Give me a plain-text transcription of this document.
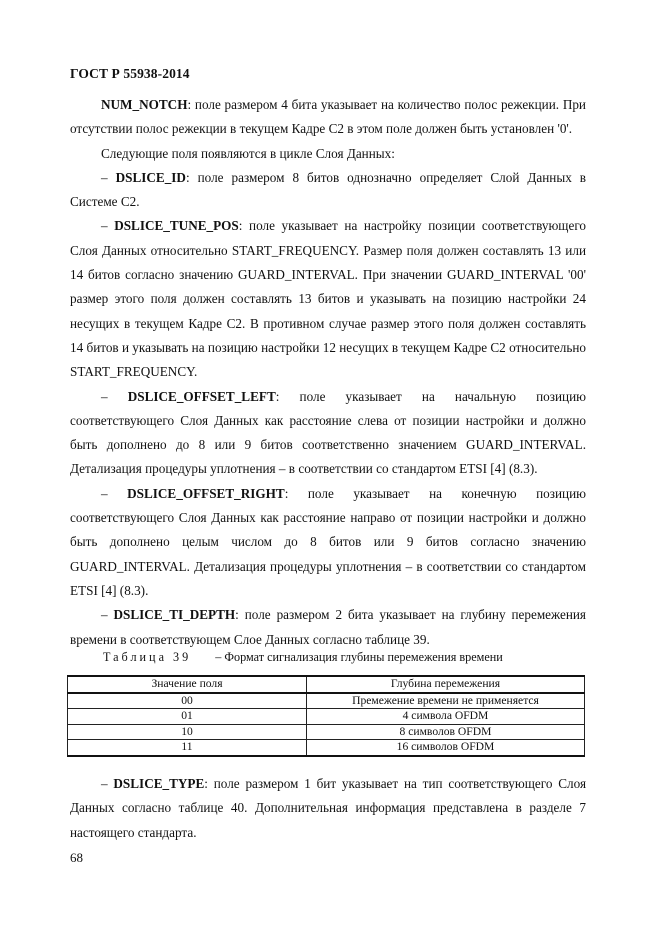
ГОСТ Р 55938-2014

NUM_NOTCH: поле размером 4 бита указывает на количество полос режекции. При отсутствии полос режекции в текущем Кадре С2 в этом поле должен быть установлен '0'.

Следующие поля появляются в цикле Слоя Данных:

– DSLICE_ID: поле размером 8 битов однозначно определяет Слой Данных в Системе С2.

– DSLICE_TUNE_POS: поле указывает на настройку позиции соответствующего Слоя Данных относительно START_FREQUENCY. Размер поля должен составлять 13 или 14 битов согласно значению GUARD_INTERVAL. При значении GUARD_INTERVAL '00' размер этого поля должен составлять 13 битов и указывать на позицию настройки 24 несущих в текущем Кадре С2. В противном случае размер этого поля должен составлять 14 битов и указывать на позицию настройки 12 несущих в текущем Кадре С2 относительно START_FREQUENCY.

– DSLICE_OFFSET_LEFT: поле указывает на начальную позицию соответствующего Слоя Данных как расстояние слева от позиции настройки и должно быть дополнено до 8 или 9 битов соответственно значением GUARD_INTERVAL. Детализация процедуры уплотнения – в соответствии со стандартом ETSI [4] (8.3).

– DSLICE_OFFSET_RIGHT: поле указывает на конечную позицию соответствующего Слоя Данных как расстояние направо от позиции настройки и должно быть дополнено целым числом до 8 битов или 9 битов согласно значению GUARD_INTERVAL. Детализация процедуры уплотнения – в соответствии со стандартом ETSI [4] (8.3).

– DSLICE_TI_DEPTH: поле размером 2 бита указывает на глубину перемежения времени в соответствующем Слое Данных согласно таблице 39.

Таблица 39 – Формат сигнализация глубины перемежения времени
Значение поля	Глубина перемежения
00	Премежение времени не применяется
01	4 символа OFDM
10	8 символов OFDM
11	16 символов OFDM

– DSLICE_TYPE: поле размером 1 бит указывает на тип соответствующего Слоя Данных согласно таблице 40. Дополнительная информация представлена в разделе 7 настоящего стандарта.

68
